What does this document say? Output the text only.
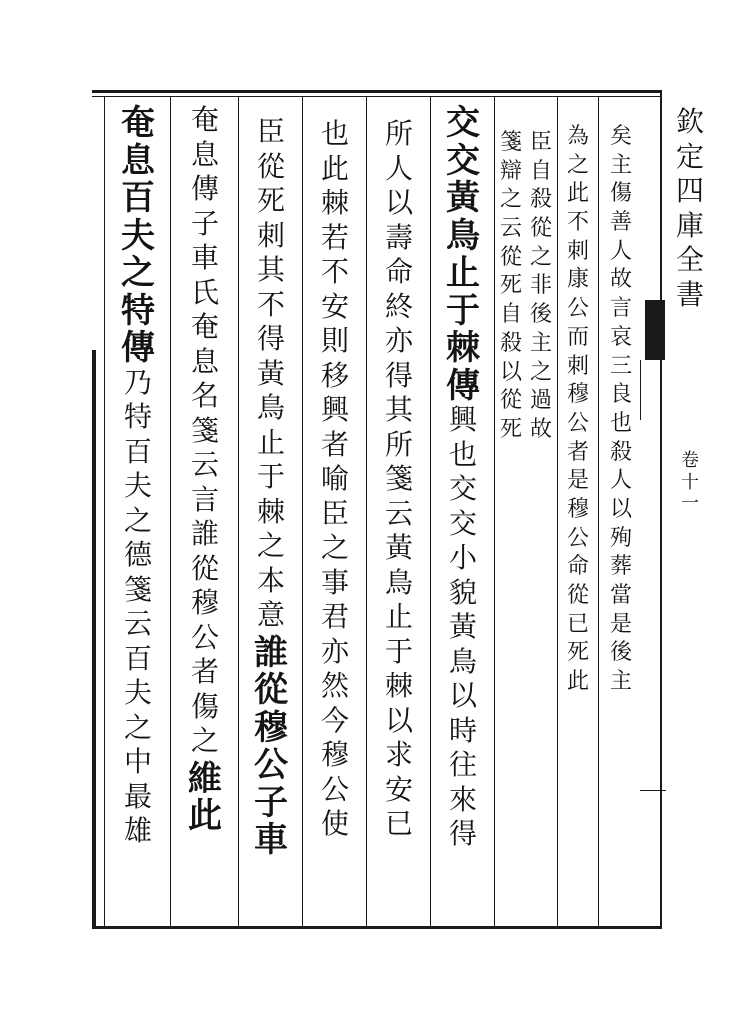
欽
定
四
庫
全
書
卷
十
一
矣
主
傷
善
人
故
言
哀
三
良
也
殺
人
以
殉
葬
當
是
後
主
為
之
此
不
刺
康
公
而
刺
穆
公
者
是
穆
公
命
從
已
死
此
臣
自
殺
從
之
非
後
主
之
過
故
箋
辯
之
云
從
死
自
殺
以
從
死
交
交
黃
鳥
止
于
棘
傳
興
也
交
交
小
貌
黃
鳥
以
時
往
來
得
所
人
以
壽
命
終
亦
得
其
所
箋
云
黃
鳥
止
于
棘
以
求
安
已
也
此
棘
若
不
安
則
移
興
者
喻
臣
之
事
君
亦
然
今
穆
公
使
臣
從
死
刺
其
不
得
黃
鳥
止
于
棘
之
本
意
誰
從
穆
公
子
車
奄
息
傳
子
車
氏
奄
息
名
箋
云
言
誰
從
穆
公
者
傷
之
維
此
奄
息
百
夫
之
特
傳
乃
特
百
夫
之
德
箋
云
百
夫
之
中
最
雄
